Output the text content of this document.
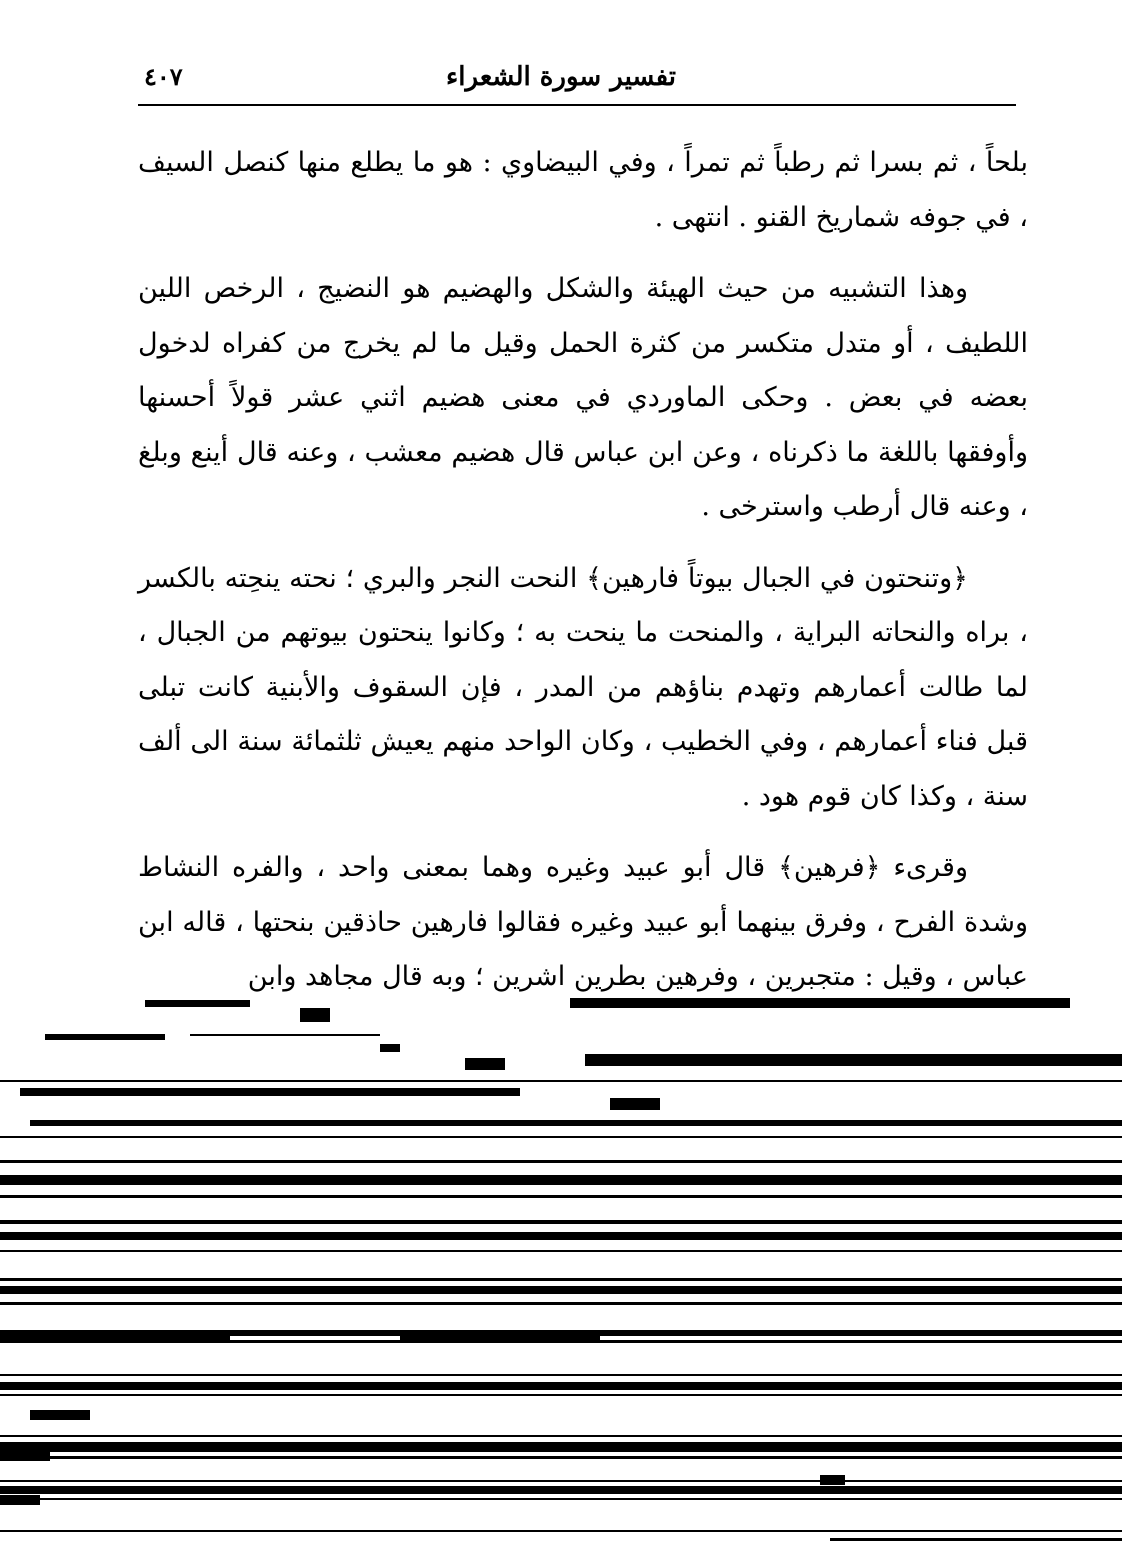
تفسير سورة الشعراء
٤٠٧

بلحاً ، ثم بسرا ثم رطباً ثم تمراً ، وفي البيضاوي : هو ما يطلع منها كنصل السيف ، في جوفه شماريخ القنو . انتهى .

وهذا التشبيه من حيث الهيئة والشكل والهضيم هو النضيج ، الرخص اللين اللطيف ، أو متدل متكسر من كثرة الحمل وقيل ما لم يخرج من كفراه لدخول بعضه في بعض . وحكى الماوردي في معنى هضيم اثني عشر قولاً أحسنها وأوفقها باللغة ما ذكرناه ، وعن ابن عباس قال هضيم معشب ، وعنه قال أينع وبلغ ، وعنه قال أرطب واسترخى .

﴿وتنحتون في الجبال بيوتاً فارهين﴾ النحت النجر والبري ؛ نحته ينحِته بالكسر ، براه والنحاته البراية ، والمنحت ما ينحت به ؛ وكانوا ينحتون بيوتهم من الجبال ، لما طالت أعمارهم وتهدم بناؤهم من المدر ، فإن السقوف والأبنية كانت تبلى قبل فناء أعمارهم ، وفي الخطيب ، وكان الواحد منهم يعيش ثلثمائة سنة الى ألف سنة ، وكذا كان قوم هود .

وقرىء ﴿فرهين﴾ قال أبو عبيد وغيره وهما بمعنى واحد ، والفره النشاط وشدة الفرح ، وفرق بينهما أبو عبيد وغيره فقالوا فارهين حاذقين بنحتها ، قاله ابن عباس ، وقيل : متجبرين ، وفرهين بطرين اشرين ؛ وبه قال مجاهد وابن
